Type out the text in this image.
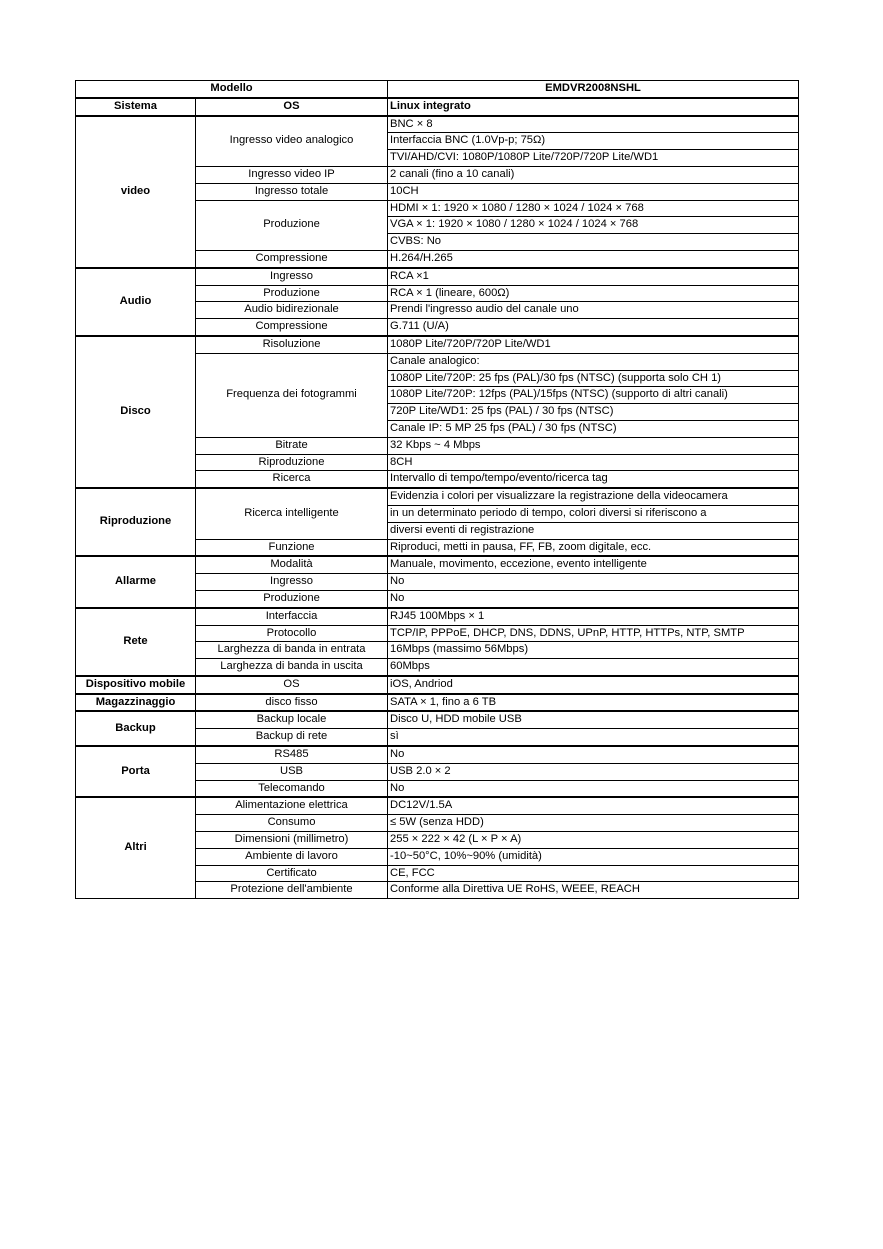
Modello		EMDVR2008NSHL
Sistema	OS	Linux integrato
video	Ingresso video analogico	BNC × 8
		Interfaccia BNC (1.0Vp-p; 75Ω)
		TVI/AHD/CVI: 1080P/1080P Lite/720P/720P Lite/WD1
	Ingresso video IP	2 canali (fino a 10 canali)
	Ingresso totale	10CH
	Produzione	HDMI × 1: 1920 × 1080 / 1280 × 1024 / 1024 × 768
		VGA × 1: 1920 × 1080 / 1280 × 1024 / 1024 × 768
		CVBS: No
	Compressione	H.264/H.265
Audio	Ingresso	RCA ×1
	Produzione	RCA × 1 (lineare, 600Ω)
	Audio bidirezionale	Prendi l'ingresso audio del canale uno
	Compressione	G.711 (U/A)
Disco	Risoluzione	1080P Lite/720P/720P Lite/WD1
	Frequenza dei fotogrammi	Canale analogico:
		1080P Lite/720P: 25 fps (PAL)/30 fps (NTSC) (supporta solo CH 1)
		1080P Lite/720P: 12fps (PAL)/15fps (NTSC) (supporto di altri canali)
		720P Lite/WD1: 25 fps (PAL) / 30 fps (NTSC)
		Canale IP: 5 MP 25 fps (PAL) / 30 fps (NTSC)
	Bitrate	32 Kbps ~ 4 Mbps
	Riproduzione	8CH
	Ricerca	Intervallo di tempo/tempo/evento/ricerca tag
Riproduzione	Ricerca intelligente	Evidenzia i colori per visualizzare la registrazione della videocamera
		in un determinato periodo di tempo, colori diversi si riferiscono a
		diversi eventi di registrazione
	Funzione	Riproduci, metti in pausa, FF, FB, zoom digitale, ecc.
Allarme	Modalità	Manuale, movimento, eccezione, evento intelligente
	Ingresso	No
	Produzione	No
Rete	Interfaccia	RJ45 100Mbps × 1
	Protocollo	TCP/IP, PPPoE, DHCP, DNS, DDNS, UPnP, HTTP, HTTPs, NTP, SMTP
	Larghezza di banda in entrata	16Mbps (massimo 56Mbps)
	Larghezza di banda in uscita	60Mbps
Dispositivo mobile	OS	iOS, Andriod
Magazzinaggio	disco fisso	SATA × 1, fino a 6 TB
Backup	Backup locale	Disco U, HDD mobile USB
	Backup di rete	sì
Porta	RS485	No
	USB	USB 2.0 × 2
	Telecomando	No
Altri	Alimentazione elettrica	DC12V/1.5A
	Consumo	≤ 5W (senza HDD)
	Dimensioni (millimetro)	255 × 222 × 42 (L × P × A)
	Ambiente di lavoro	-10~50°C, 10%~90% (umidità)
	Certificato	CE, FCC
	Protezione dell'ambiente	Conforme alla Direttiva UE RoHS, WEEE, REACH
